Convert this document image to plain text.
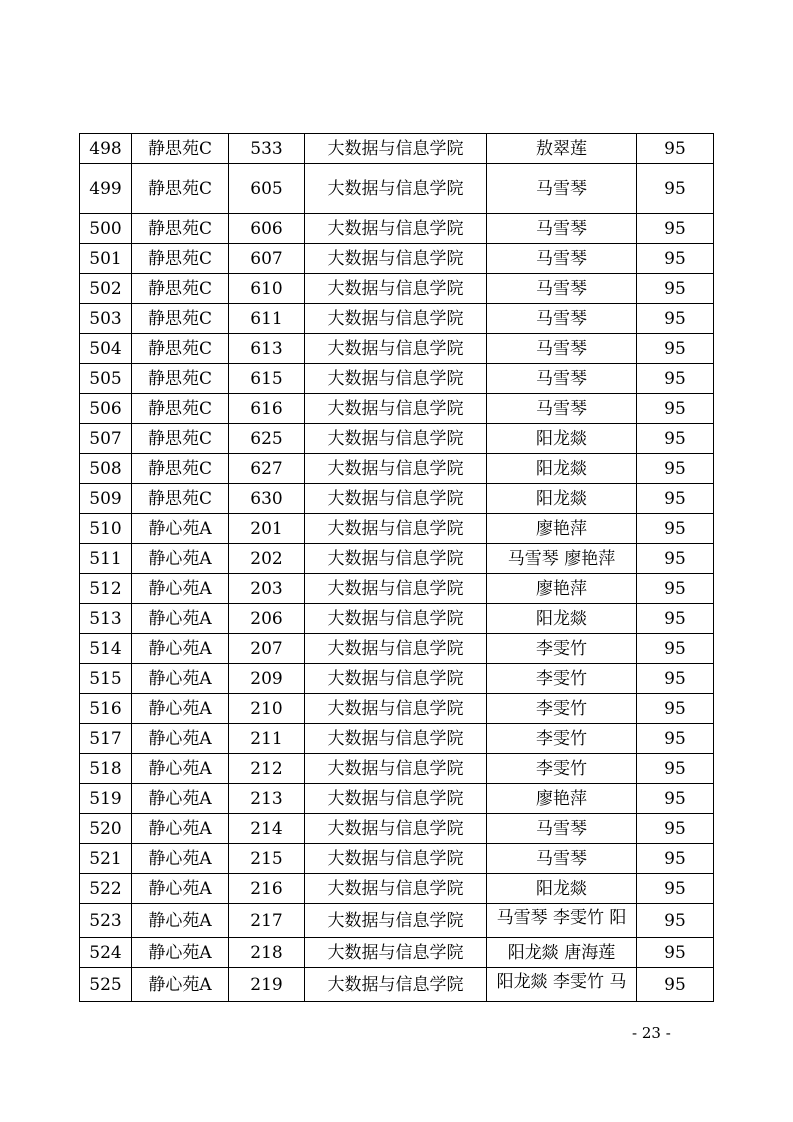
498	静思苑C	533	大数据与信息学院	敖翠莲	95
499	静思苑C	605	大数据与信息学院	马雪琴	95
500	静思苑C	606	大数据与信息学院	马雪琴	95
501	静思苑C	607	大数据与信息学院	马雪琴	95
502	静思苑C	610	大数据与信息学院	马雪琴	95
503	静思苑C	611	大数据与信息学院	马雪琴	95
504	静思苑C	613	大数据与信息学院	马雪琴	95
505	静思苑C	615	大数据与信息学院	马雪琴	95
506	静思苑C	616	大数据与信息学院	马雪琴	95
507	静思苑C	625	大数据与信息学院	阳龙燚	95
508	静思苑C	627	大数据与信息学院	阳龙燚	95
509	静思苑C	630	大数据与信息学院	阳龙燚	95
510	静心苑A	201	大数据与信息学院	廖艳萍	95
511	静心苑A	202	大数据与信息学院	马雪琴 廖艳萍	95
512	静心苑A	203	大数据与信息学院	廖艳萍	95
513	静心苑A	206	大数据与信息学院	阳龙燚	95
514	静心苑A	207	大数据与信息学院	李雯竹	95
515	静心苑A	209	大数据与信息学院	李雯竹	95
516	静心苑A	210	大数据与信息学院	李雯竹	95
517	静心苑A	211	大数据与信息学院	李雯竹	95
518	静心苑A	212	大数据与信息学院	李雯竹	95
519	静心苑A	213	大数据与信息学院	廖艳萍	95
520	静心苑A	214	大数据与信息学院	马雪琴	95
521	静心苑A	215	大数据与信息学院	马雪琴	95
522	静心苑A	216	大数据与信息学院	阳龙燚	95
523	静心苑A	217	大数据与信息学院	马雪琴 李雯竹 阳	95
524	静心苑A	218	大数据与信息学院	阳龙燚 唐海莲	95
525	静心苑A	219	大数据与信息学院	阳龙燚 李雯竹 马	95
- 23 -
